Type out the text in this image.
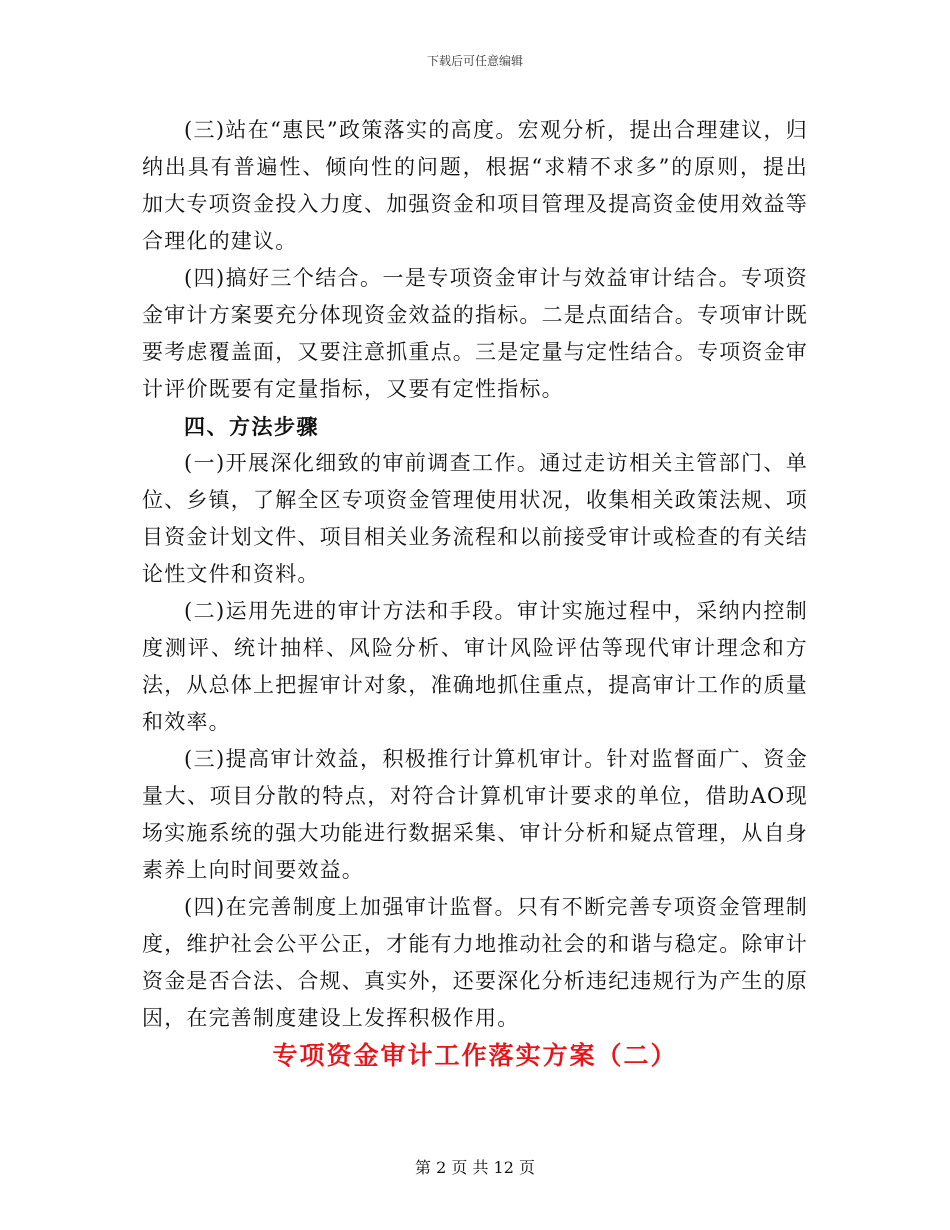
下载后可任意编辑

(三)站在“惠民”政策落实的高度。宏观分析，提出合理建议，归纳出具有普遍性、倾向性的问题，根据“求精不求多”的原则，提出加大专项资金投入力度、加强资金和项目管理及提高资金使用效益等合理化的建议。

(四)搞好三个结合。一是专项资金审计与效益审计结合。专项资金审计方案要充分体现资金效益的指标。二是点面结合。专项审计既要考虑覆盖面，又要注意抓重点。三是定量与定性结合。专项资金审计评价既要有定量指标，又要有定性指标。

四、方法步骤

(一)开展深化细致的审前调查工作。通过走访相关主管部门、单位、乡镇，了解全区专项资金管理使用状况，收集相关政策法规、项目资金计划文件、项目相关业务流程和以前接受审计或检查的有关结论性文件和资料。

(二)运用先进的审计方法和手段。审计实施过程中，采纳内控制度测评、统计抽样、风险分析、审计风险评估等现代审计理念和方法，从总体上把握审计对象，准确地抓住重点，提高审计工作的质量和效率。

(三)提高审计效益，积极推行计算机审计。针对监督面广、资金量大、项目分散的特点，对符合计算机审计要求的单位，借助AO现场实施系统的强大功能进行数据采集、审计分析和疑点管理，从自身素养上向时间要效益。

(四)在完善制度上加强审计监督。只有不断完善专项资金管理制度，维护社会公平公正，才能有力地推动社会的和谐与稳定。除审计资金是否合法、合规、真实外，还要深化分析违纪违规行为产生的原因，在完善制度建设上发挥积极作用。

专项资金审计工作落实方案（二）
第 2 页 共 12 页
